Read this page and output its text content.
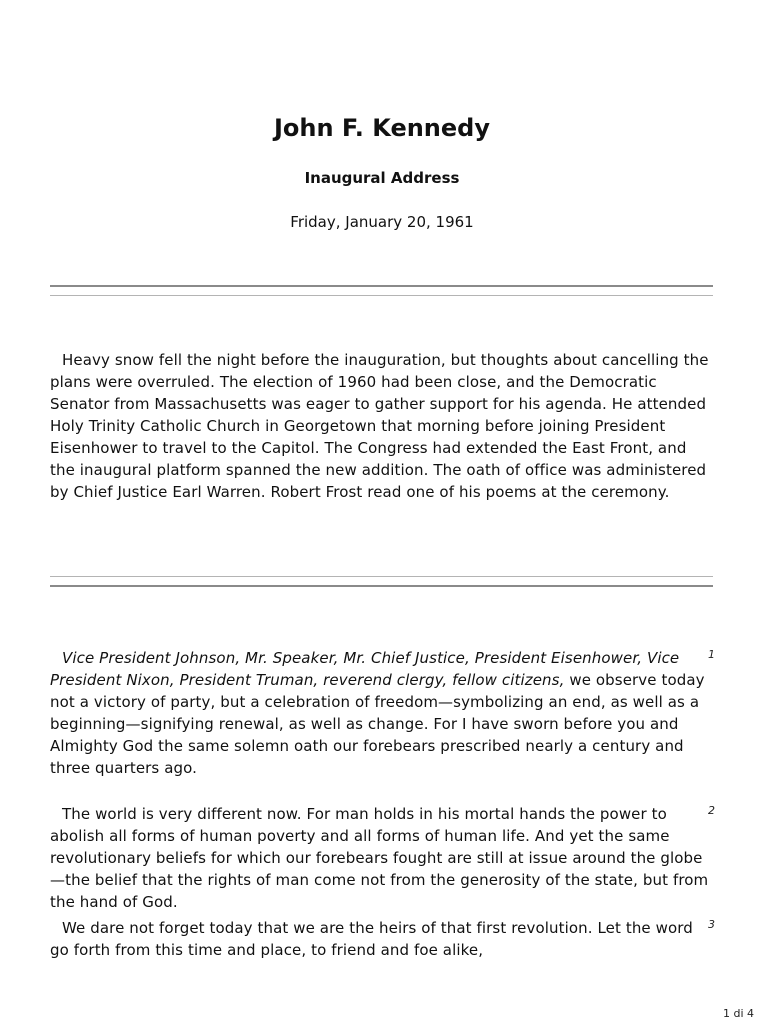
John F. Kennedy
Inaugural Address
Friday, January 20, 1961

Heavy snow fell the night before the inauguration, but thoughts about cancelling the plans were overruled. The election of 1960 had been close, and the Democratic Senator from Massachusetts was eager to gather support for his agenda. He attended Holy Trinity Catholic Church in Georgetown that morning before joining President Eisenhower to travel to the Capitol. The Congress had extended the East Front, and the inaugural platform spanned the new addition. The oath of office was administered by Chief Justice Earl Warren. Robert Frost read one of his poems at the ceremony.

Vice President Johnson, Mr. Speaker, Mr. Chief Justice, President Eisenhower, Vice President Nixon, President Truman, reverend clergy, fellow citizens, we observe today not a victory of party, but a celebration of freedom—symbolizing an end, as well as a beginning—signifying renewal, as well as change. For I have sworn before you and Almighty God the same solemn oath our forebears prescribed nearly a century and three quarters ago.

1

The world is very different now. For man holds in his mortal hands the power to abolish all forms of human poverty and all forms of human life. And yet the same revolutionary beliefs for which our forebears fought are still at issue around the globe—the belief that the rights of man come not from the generosity of the state, but from the hand of God.

2

We dare not forget today that we are the heirs of that first revolution. Let the word go forth from this time and place, to friend and foe alike,

3
1 di 4
